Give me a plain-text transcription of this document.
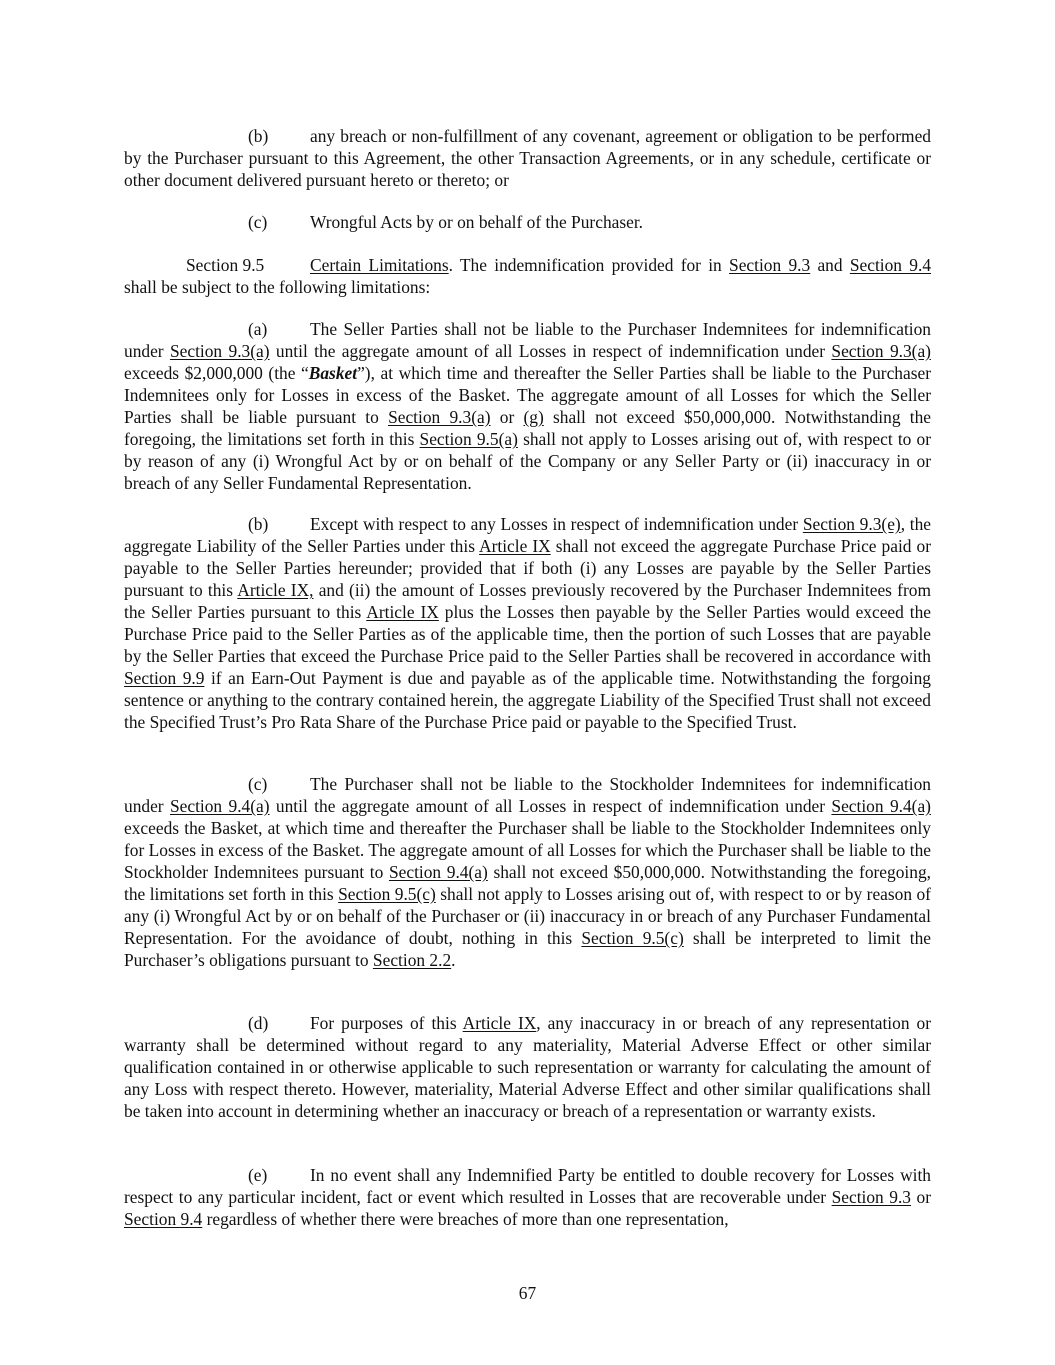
(b) any breach or non-fulfillment of any covenant, agreement or obligation to be performed by the Purchaser pursuant to this Agreement, the other Transaction Agreements, or in any schedule, certificate or other document delivered pursuant hereto or thereto; or

(c) Wrongful Acts by or on behalf of the Purchaser.

Section 9.5	Certain Limitations. The indemnification provided for in Section 9.3 and Section 9.4 shall be subject to the following limitations:

(a) The Seller Parties shall not be liable to the Purchaser Indemnitees for indemnification under Section 9.3(a) until the aggregate amount of all Losses in respect of indemnification under Section 9.3(a) exceeds $2,000,000 (the “Basket”), at which time and thereafter the Seller Parties shall be liable to the Purchaser Indemnitees only for Losses in excess of the Basket. The aggregate amount of all Losses for which the Seller Parties shall be liable pursuant to Section 9.3(a) or (g) shall not exceed $50,000,000. Notwithstanding the foregoing, the limitations set forth in this Section 9.5(a) shall not apply to Losses arising out of, with respect to or by reason of any (i) Wrongful Act by or on behalf of the Company or any Seller Party or (ii) inaccuracy in or breach of any Seller Fundamental Representation.

(b) Except with respect to any Losses in respect of indemnification under Section 9.3(e), the aggregate Liability of the Seller Parties under this Article IX shall not exceed the aggregate Purchase Price paid or payable to the Seller Parties hereunder; provided that if both (i) any Losses are payable by the Seller Parties pursuant to this Article IX, and (ii) the amount of Losses previously recovered by the Purchaser Indemnitees from the Seller Parties pursuant to this Article IX plus the Losses then payable by the Seller Parties would exceed the Purchase Price paid to the Seller Parties as of the applicable time, then the portion of such Losses that are payable by the Seller Parties that exceed the Purchase Price paid to the Seller Parties shall be recovered in accordance with Section 9.9 if an Earn-Out Payment is due and payable as of the applicable time. Notwithstanding the forgoing sentence or anything to the contrary contained herein, the aggregate Liability of the Specified Trust shall not exceed the Specified Trust’s Pro Rata Share of the Purchase Price paid or payable to the Specified Trust.

(c) The Purchaser shall not be liable to the Stockholder Indemnitees for indemnification under Section 9.4(a) until the aggregate amount of all Losses in respect of indemnification under Section 9.4(a) exceeds the Basket, at which time and thereafter the Purchaser shall be liable to the Stockholder Indemnitees only for Losses in excess of the Basket. The aggregate amount of all Losses for which the Purchaser shall be liable to the Stockholder Indemnitees pursuant to Section 9.4(a) shall not exceed $50,000,000. Notwithstanding the foregoing, the limitations set forth in this Section 9.5(c) shall not apply to Losses arising out of, with respect to or by reason of any (i) Wrongful Act by or on behalf of the Purchaser or (ii) inaccuracy in or breach of any Purchaser Fundamental Representation. For the avoidance of doubt, nothing in this Section 9.5(c) shall be interpreted to limit the Purchaser’s obligations pursuant to Section 2.2.

(d) For purposes of this Article IX, any inaccuracy in or breach of any representation or warranty shall be determined without regard to any materiality, Material Adverse Effect or other similar qualification contained in or otherwise applicable to such representation or warranty for calculating the amount of any Loss with respect thereto. However, materiality, Material Adverse Effect and other similar qualifications shall be taken into account in determining whether an inaccuracy or breach of a representation or warranty exists.

(e) In no event shall any Indemnified Party be entitled to double recovery for Losses with respect to any particular incident, fact or event which resulted in Losses that are recoverable under Section 9.3 or Section 9.4 regardless of whether there were breaches of more than one representation,

67
